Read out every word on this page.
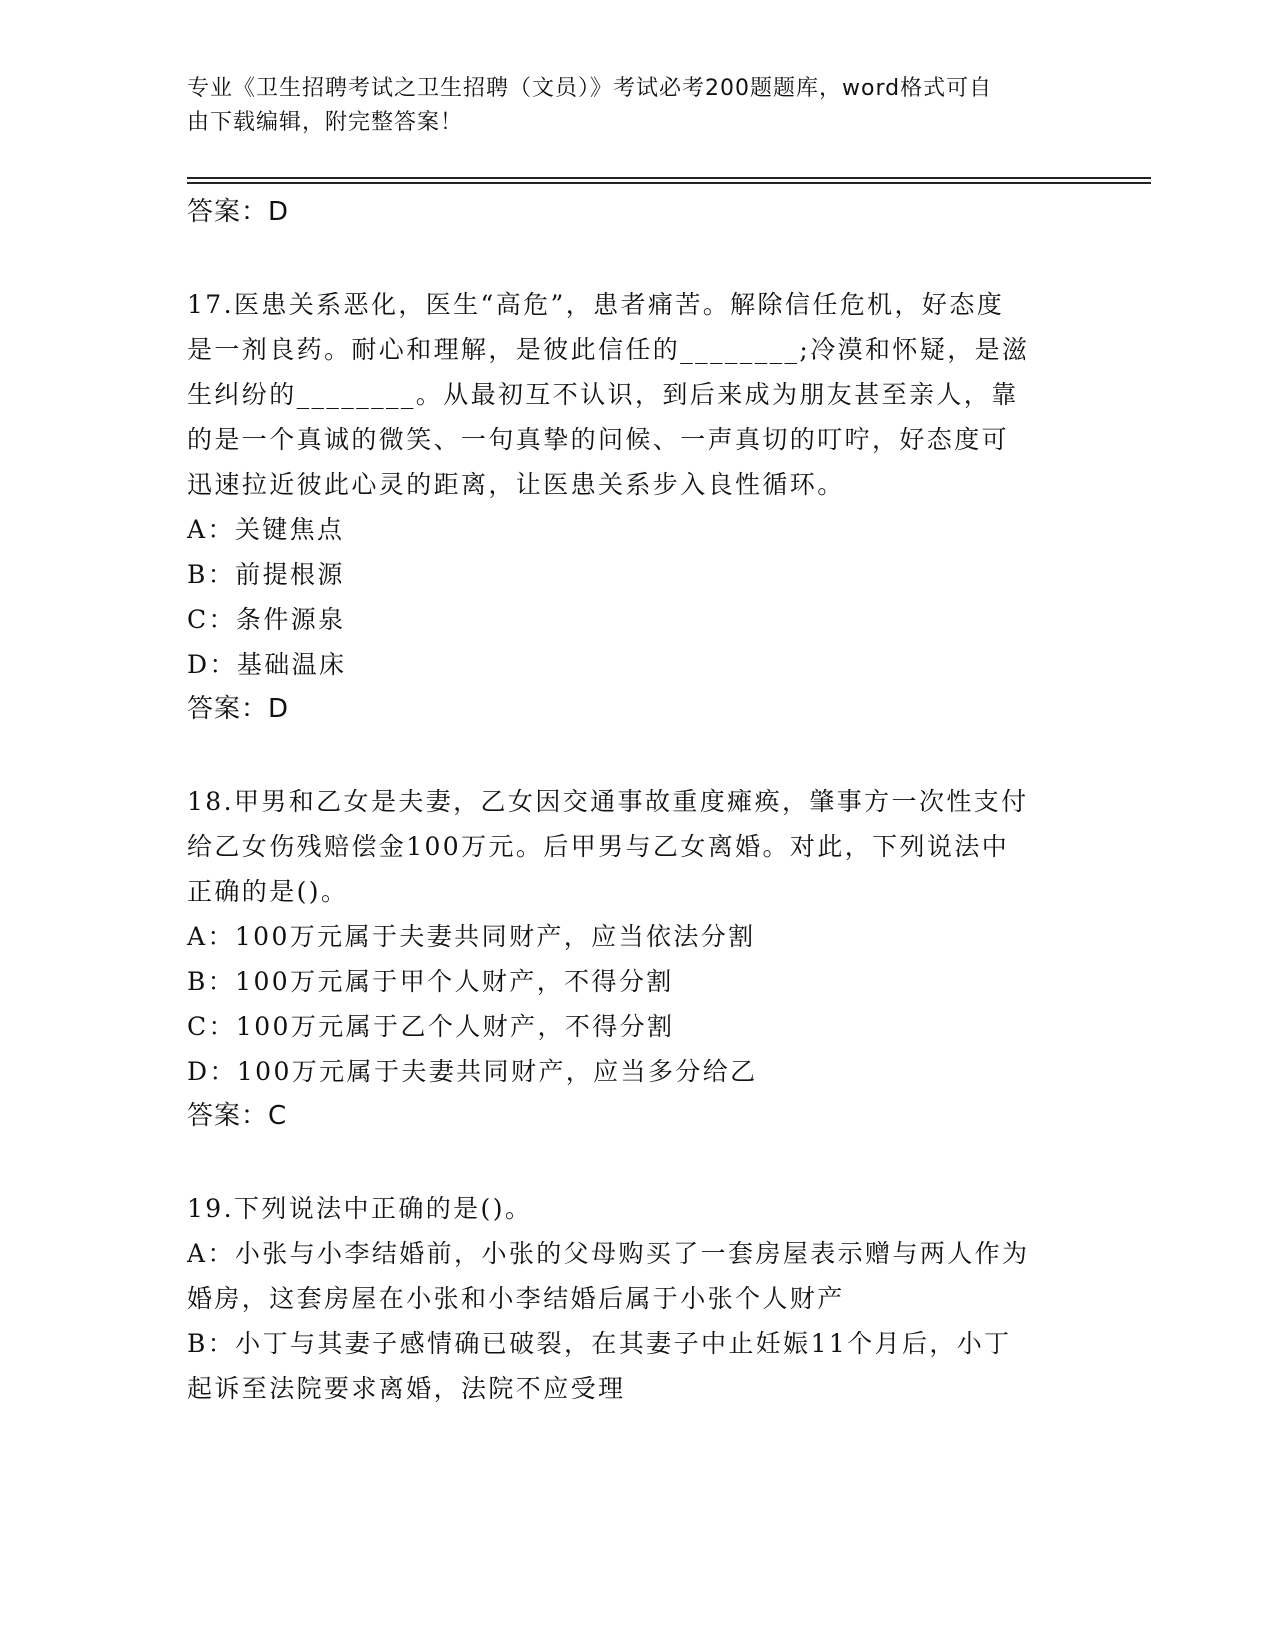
专业《卫生招聘考试之卫生招聘（文员）》考试必考200题题库，word格式可自
由下载编辑，附完整答案！
答案：D
17.医患关系恶化，医生“高危”，患者痛苦。解除信任危机，好态度
是一剂良药。耐心和理解，是彼此信任的________;冷漠和怀疑，是滋
生纠纷的________。从最初互不认识，到后来成为朋友甚至亲人，靠
的是一个真诚的微笑、一句真挚的问候、一声真切的叮咛，好态度可
迅速拉近彼此心灵的距离，让医患关系步入良性循环。
A：关键焦点
B：前提根源
C：条件源泉
D：基础温床
答案：D
18.甲男和乙女是夫妻，乙女因交通事故重度瘫痪，肇事方一次性支付
给乙女伤残赔偿金100万元。后甲男与乙女离婚。对此，下列说法中
正确的是()。
A：100万元属于夫妻共同财产，应当依法分割
B：100万元属于甲个人财产，不得分割
C：100万元属于乙个人财产，不得分割
D：100万元属于夫妻共同财产，应当多分给乙
答案：C
19.下列说法中正确的是()。
A：小张与小李结婚前，小张的父母购买了一套房屋表示赠与两人作为
婚房，这套房屋在小张和小李结婚后属于小张个人财产
B：小丁与其妻子感情确已破裂，在其妻子中止妊娠11个月后，小丁
起诉至法院要求离婚，法院不应受理
